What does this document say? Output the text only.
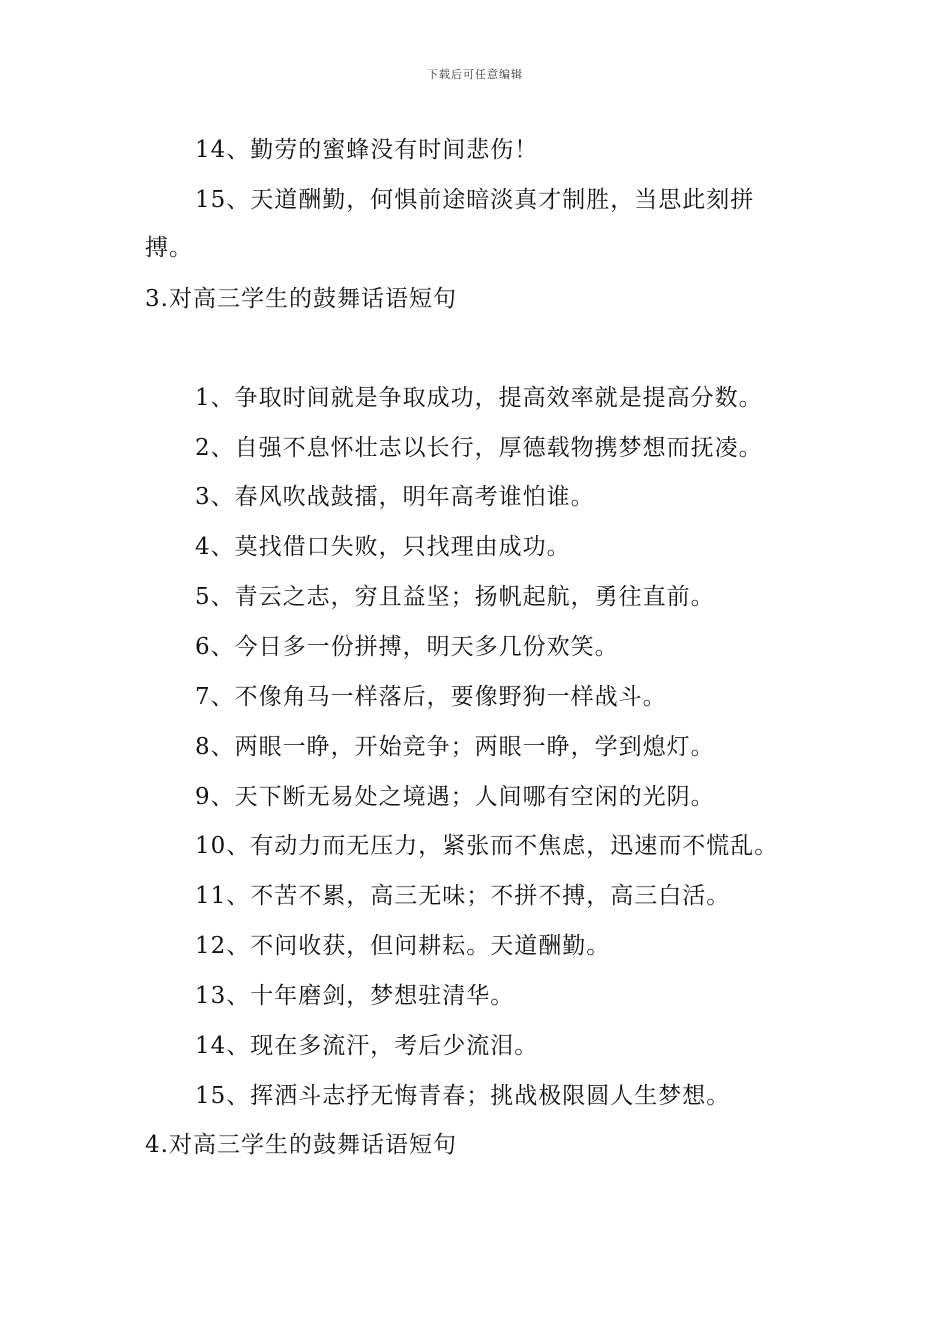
下载后可任意编辑
14、勤劳的蜜蜂没有时间悲伤！
15、天道酬勤，何惧前途暗淡真才制胜，当思此刻拼
搏。
3.对高三学生的鼓舞话语短句
1、争取时间就是争取成功，提高效率就是提高分数。
2、自强不息怀壮志以长行，厚德载物携梦想而抚凌。
3、春风吹战鼓擂，明年高考谁怕谁。
4、莫找借口失败，只找理由成功。
5、青云之志，穷且益坚；扬帆起航，勇往直前。
6、今日多一份拼搏，明天多几份欢笑。
7、不像角马一样落后，要像野狗一样战斗。
8、两眼一睁，开始竞争；两眼一睁，学到熄灯。
9、天下断无易处之境遇；人间哪有空闲的光阴。
10、有动力而无压力，紧张而不焦虑，迅速而不慌乱。
11、不苦不累，高三无味；不拼不搏，高三白活。
12、不问收获，但问耕耘。天道酬勤。
13、十年磨剑，梦想驻清华。
14、现在多流汗，考后少流泪。
15、挥洒斗志抒无悔青春；挑战极限圆人生梦想。
4.对高三学生的鼓舞话语短句
